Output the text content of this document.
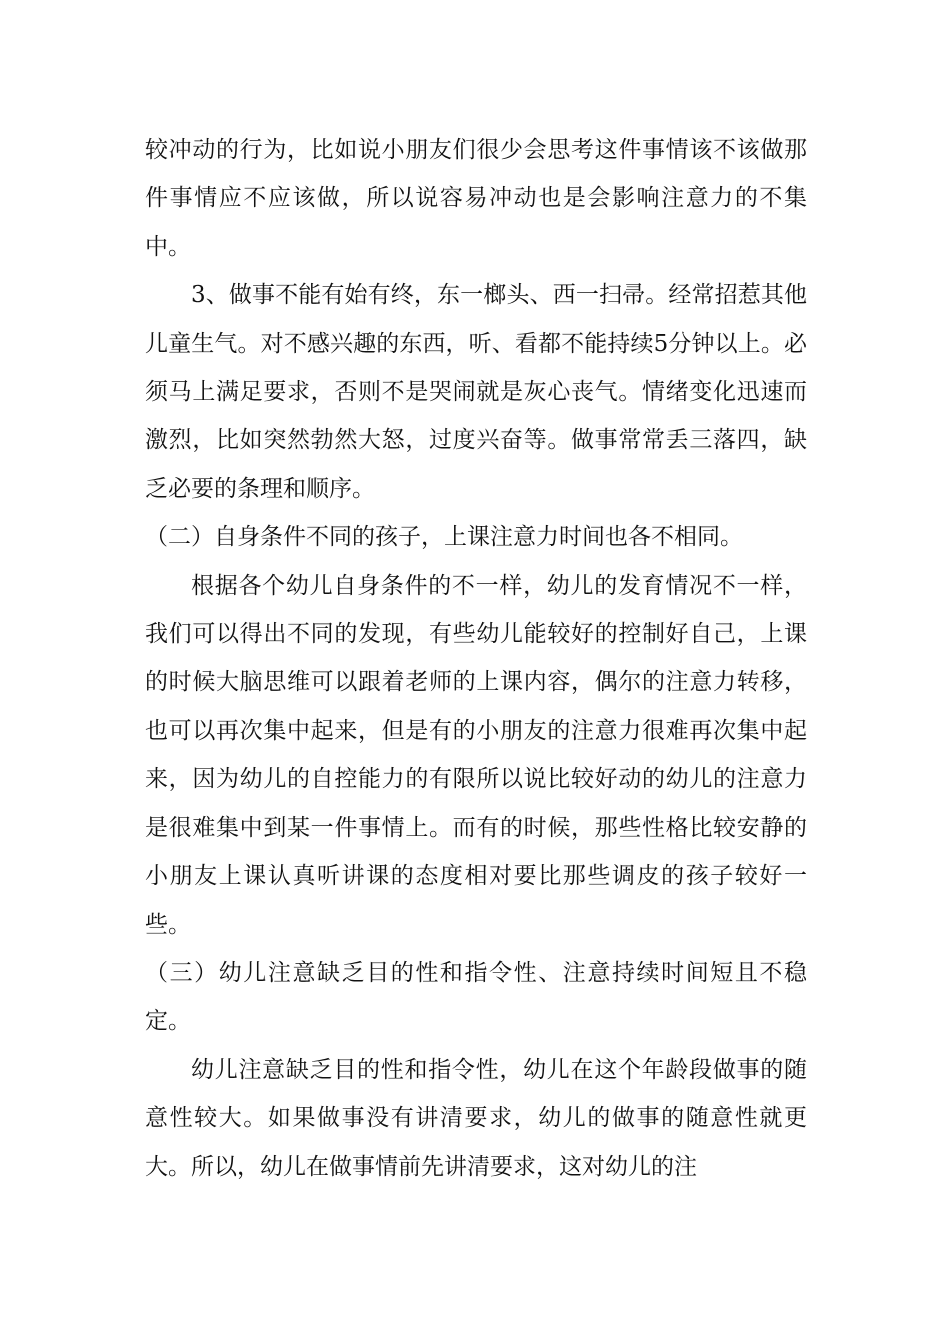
较冲动的行为，比如说小朋友们很少会思考这件事情该不该做那件事情应不应该做，所以说容易冲动也是会影响注意力的不集中。

3、做事不能有始有终，东一榔头、西一扫帚。经常招惹其他儿童生气。对不感兴趣的东西，听、看都不能持续5分钟以上。必须马上满足要求，否则不是哭闹就是灰心丧气。情绪变化迅速而激烈，比如突然勃然大怒，过度兴奋等。做事常常丢三落四，缺乏必要的条理和顺序。

（二）自身条件不同的孩子，上课注意力时间也各不相同。

根据各个幼儿自身条件的不一样，幼儿的发育情况不一样，我们可以得出不同的发现，有些幼儿能较好的控制好自己，上课的时候大脑思维可以跟着老师的上课内容，偶尔的注意力转移，也可以再次集中起来，但是有的小朋友的注意力很难再次集中起来，因为幼儿的自控能力的有限所以说比较好动的幼儿的注意力是很难集中到某一件事情上。而有的时候，那些性格比较安静的小朋友上课认真听讲课的态度相对要比那些调皮的孩子较好一些。

（三）幼儿注意缺乏目的性和指令性、注意持续时间短且不稳定。

幼儿注意缺乏目的性和指令性，幼儿在这个年龄段做事的随意性较大。如果做事没有讲清要求，幼儿的做事的随意性就更大。所以，幼儿在做事情前先讲清要求，这对幼儿的注
